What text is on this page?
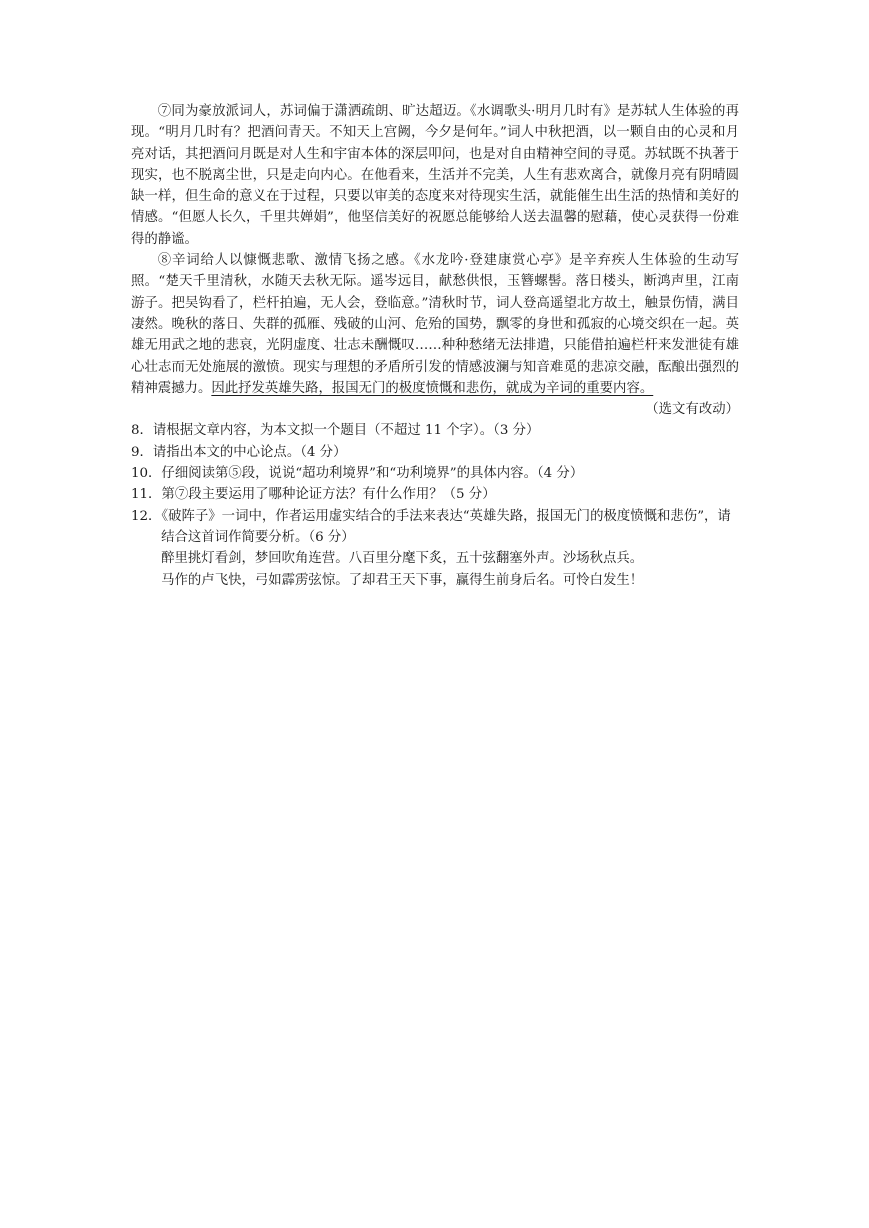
⑦同为豪放派词人，苏词偏于潇洒疏朗、旷达超迈。《水调歌头·明月几时有》是苏轼人生体验的再现。“明月几时有？把酒问青天。不知天上宫阙，今夕是何年。”词人中秋把酒，以一颗自由的心灵和月亮对话，其把酒问月既是对人生和宇宙本体的深层叩问，也是对自由精神空间的寻觅。苏轼既不执著于现实，也不脱离尘世，只是走向内心。在他看来，生活并不完美，人生有悲欢离合，就像月亮有阴晴圆缺一样，但生命的意义在于过程，只要以审美的态度来对待现实生活，就能催生出生活的热情和美好的情感。“但愿人长久，千里共婵娟”，他坚信美好的祝愿总能够给人送去温馨的慰藉，使心灵获得一份难得的静谧。

⑧辛词给人以慷慨悲歌、激情飞扬之感。《水龙吟·登建康赏心亭》是辛弃疾人生体验的生动写照。“楚天千里清秋，水随天去秋无际。遥岑远目，献愁供恨，玉簪螺髻。落日楼头，断鸿声里，江南游子。把吴钩看了，栏杆拍遍，无人会，登临意。”清秋时节，词人登高遥望北方故土，触景伤情，满目凄然。晚秋的落日、失群的孤雁、残破的山河、危殆的国势，飘零的身世和孤寂的心境交织在一起。英雄无用武之地的悲哀，光阴虚度、壮志未酬慨叹……种种愁绪无法排遣，只能借拍遍栏杆来发泄徒有雄心壮志而无处施展的激愤。现实与理想的矛盾所引发的情感波澜与知音难觅的悲凉交融，酝酿出强烈的精神震撼力。因此抒发英雄失路，报国无门的极度愤慨和悲伤，就成为辛词的重要内容。

（选文有改动）

8．请根据文章内容，为本文拟一个题目（不超过 11 个字）。（3 分）

9．请指出本文的中心论点。（4 分）

10．仔细阅读第⑤段，说说“超功利境界”和“功利境界”的具体内容。（4 分）

11．第⑦段主要运用了哪种论证方法？有什么作用？（5 分）

12．《破阵子》一词中，作者运用虚实结合的手法来表达“英雄失路，报国无门的极度愤慨和悲伤”，请结合这首词作简要分析。（6 分）

醉里挑灯看剑，梦回吹角连营。八百里分麾下炙，五十弦翻塞外声。沙场秋点兵。

马作的卢飞快，弓如霹雳弦惊。了却君王天下事，赢得生前身后名。可怜白发生！
